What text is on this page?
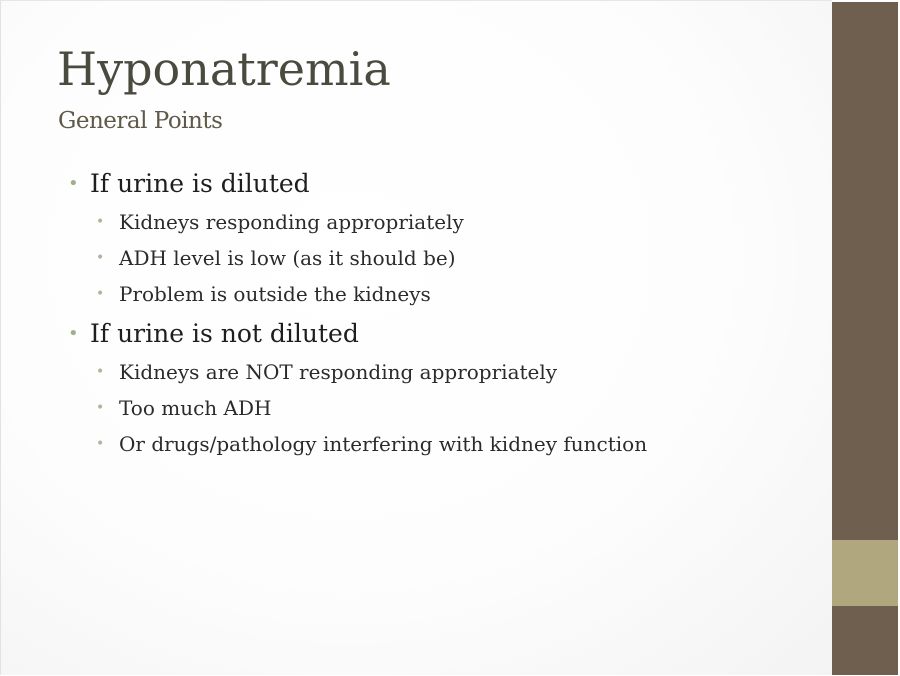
Hyponatremia
General Points
• If urine is diluted
• Kidneys responding appropriately
• ADH level is low (as it should be)
• Problem is outside the kidneys
• If urine is not diluted
• Kidneys are NOT responding appropriately
• Too much ADH
• Or drugs/pathology interfering with kidney function
